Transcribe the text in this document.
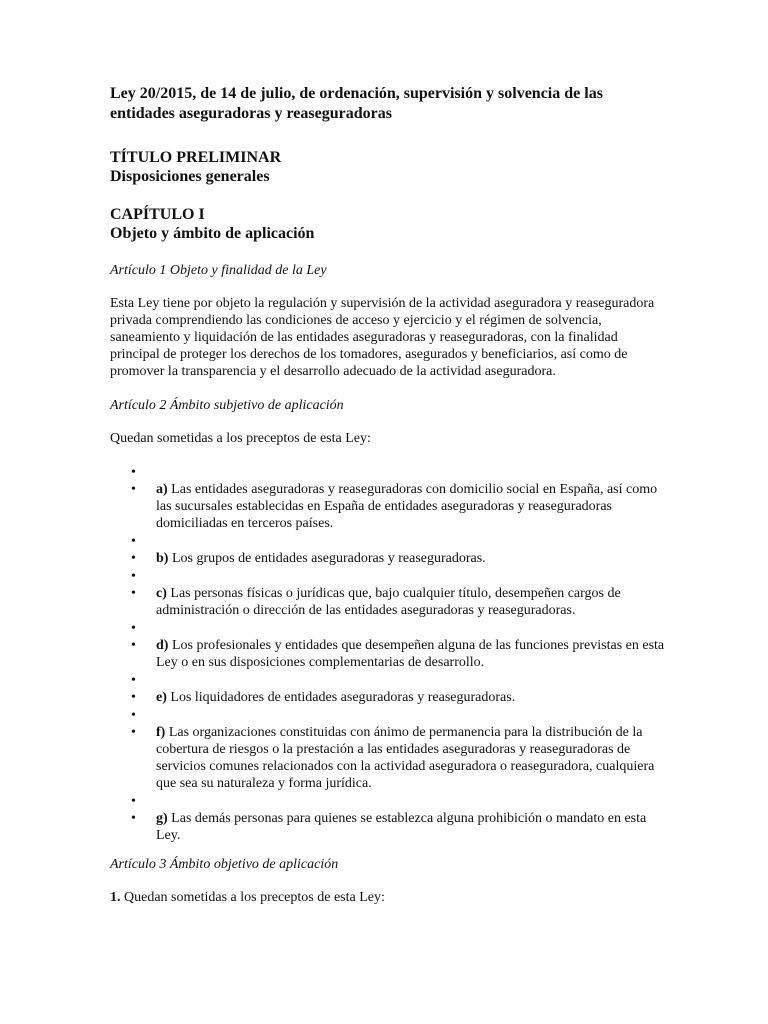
Ley 20/2015, de 14 de julio, de ordenación, supervisión y solvencia de las entidades aseguradoras y reaseguradoras
TÍTULO PRELIMINAR
Disposiciones generales
CAPÍTULO I
Objeto y ámbito de aplicación
Artículo 1 Objeto y finalidad de la Ley
Esta Ley tiene por objeto la regulación y supervisión de la actividad aseguradora y reaseguradora privada comprendiendo las condiciones de acceso y ejercicio y el régimen de solvencia, saneamiento y liquidación de las entidades aseguradoras y reaseguradoras, con la finalidad principal de proteger los derechos de los tomadores, asegurados y beneficiarios, así como de promover la transparencia y el desarrollo adecuado de la actividad aseguradora.
Artículo 2 Ámbito subjetivo de aplicación
Quedan sometidas a los preceptos de esta Ley:
•
• a) Las entidades aseguradoras y reaseguradoras con domicilio social en España, así como las sucursales establecidas en España de entidades aseguradoras y reaseguradoras domiciliadas en terceros países.
•
• b) Los grupos de entidades aseguradoras y reaseguradoras.
•
• c) Las personas físicas o jurídicas que, bajo cualquier título, desempeñen cargos de administración o dirección de las entidades aseguradoras y reaseguradoras.
•
• d) Los profesionales y entidades que desempeñen alguna de las funciones previstas en esta Ley o en sus disposiciones complementarias de desarrollo.
•
• e) Los liquidadores de entidades aseguradoras y reaseguradoras.
•
• f) Las organizaciones constituidas con ánimo de permanencia para la distribución de la cobertura de riesgos o la prestación a las entidades aseguradoras y reaseguradoras de servicios comunes relacionados con la actividad aseguradora o reaseguradora, cualquiera que sea su naturaleza y forma jurídica.
•
• g) Las demás personas para quienes se establezca alguna prohibición o mandato en esta Ley.
Artículo 3 Ámbito objetivo de aplicación
1. Quedan sometidas a los preceptos de esta Ley:
